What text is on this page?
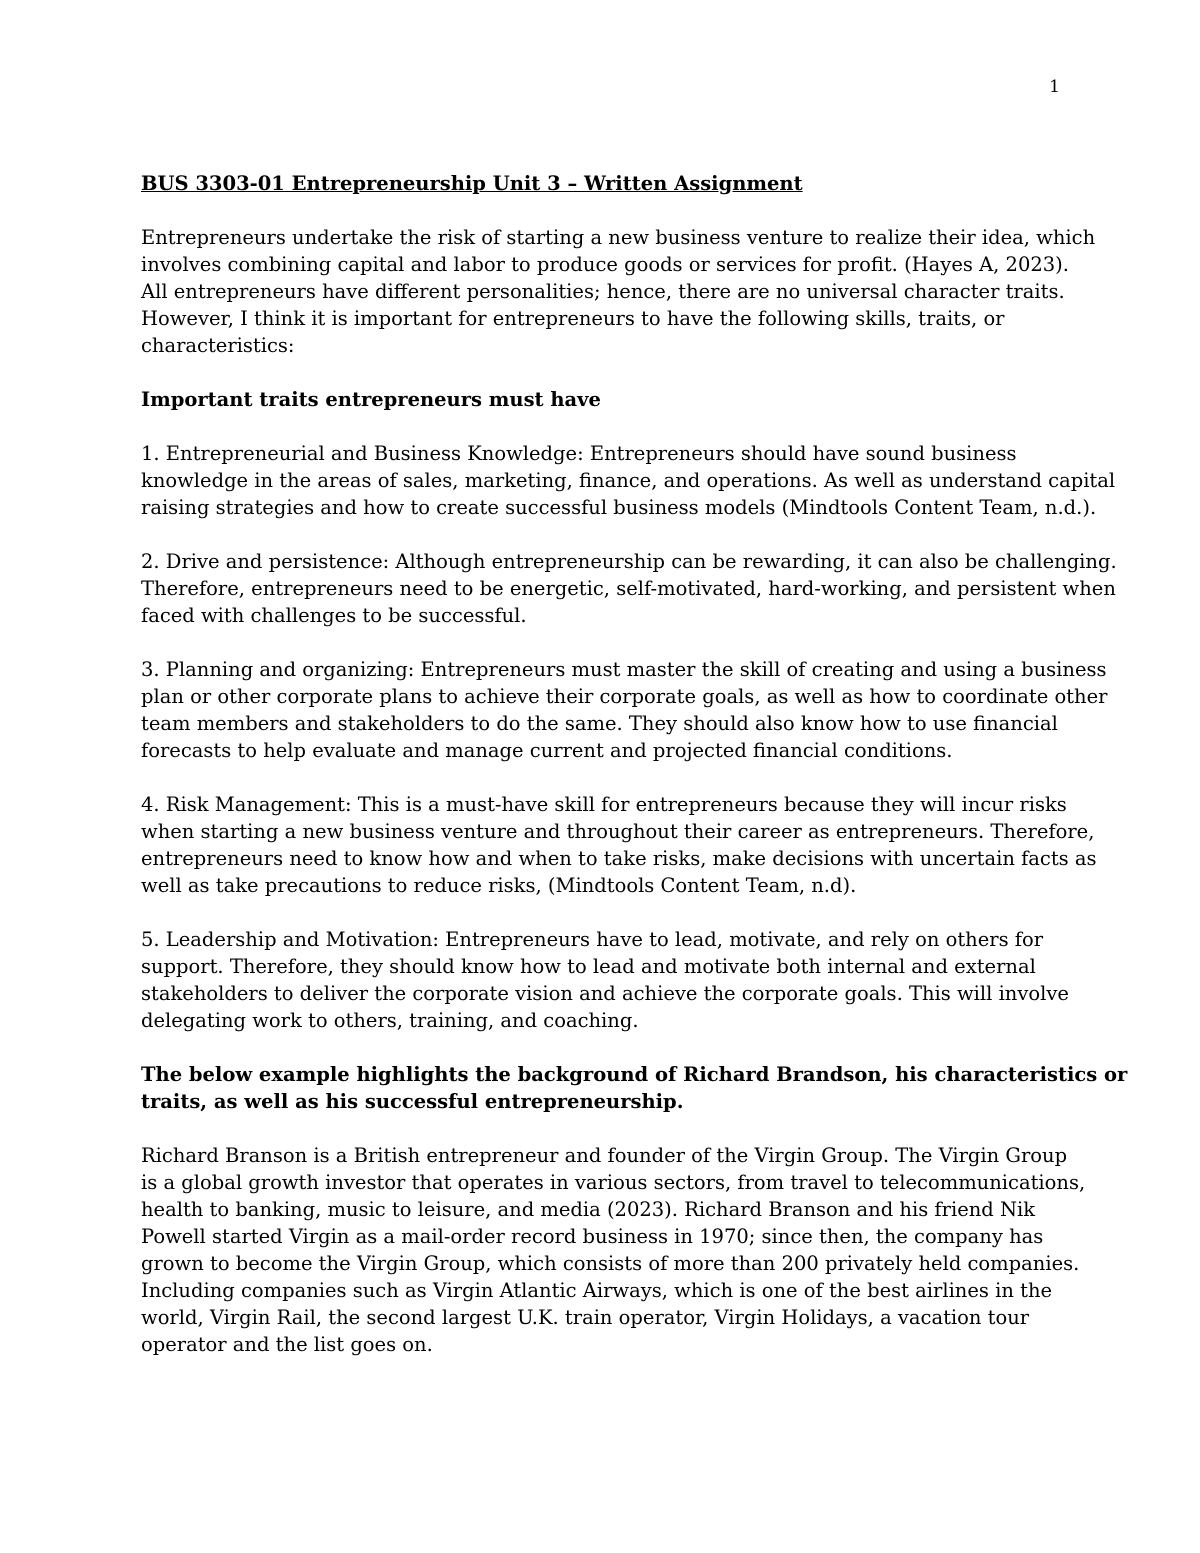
1
BUS 3303-01 Entrepreneurship Unit 3 – Written Assignment
Entrepreneurs undertake the risk of starting a new business venture to realize their idea, which
involves combining capital and labor to produce goods or services for profit. (Hayes A, 2023).
All entrepreneurs have different personalities; hence, there are no universal character traits.
However, I think it is important for entrepreneurs to have the following skills, traits, or
characteristics:
Important traits entrepreneurs must have
1. Entrepreneurial and Business Knowledge: Entrepreneurs should have sound business
knowledge in the areas of sales, marketing, finance, and operations. As well as understand capital
raising strategies and how to create successful business models (Mindtools Content Team, n.d.).
2. Drive and persistence: Although entrepreneurship can be rewarding, it can also be challenging.
Therefore, entrepreneurs need to be energetic, self-motivated, hard-working, and persistent when
faced with challenges to be successful.
3. Planning and organizing: Entrepreneurs must master the skill of creating and using a business
plan or other corporate plans to achieve their corporate goals, as well as how to coordinate other
team members and stakeholders to do the same. They should also know how to use financial
forecasts to help evaluate and manage current and projected financial conditions.
4. Risk Management: This is a must-have skill for entrepreneurs because they will incur risks
when starting a new business venture and throughout their career as entrepreneurs. Therefore,
entrepreneurs need to know how and when to take risks, make decisions with uncertain facts as
well as take precautions to reduce risks, (Mindtools Content Team, n.d).
5. Leadership and Motivation: Entrepreneurs have to lead, motivate, and rely on others for
support. Therefore, they should know how to lead and motivate both internal and external
stakeholders to deliver the corporate vision and achieve the corporate goals. This will involve
delegating work to others, training, and coaching.
The below example highlights the background of Richard Brandson, his characteristics or
traits, as well as his successful entrepreneurship.
Richard Branson is a British entrepreneur and founder of the Virgin Group. The Virgin Group
is a global growth investor that operates in various sectors, from travel to telecommunications,
health to banking, music to leisure, and media (2023). Richard Branson and his friend Nik
Powell started Virgin as a mail-order record business in 1970; since then, the company has
grown to become the Virgin Group, which consists of more than 200 privately held companies.
Including companies such as Virgin Atlantic Airways, which is one of the best airlines in the
world, Virgin Rail, the second largest U.K. train operator, Virgin Holidays, a vacation tour
operator and the list goes on.
